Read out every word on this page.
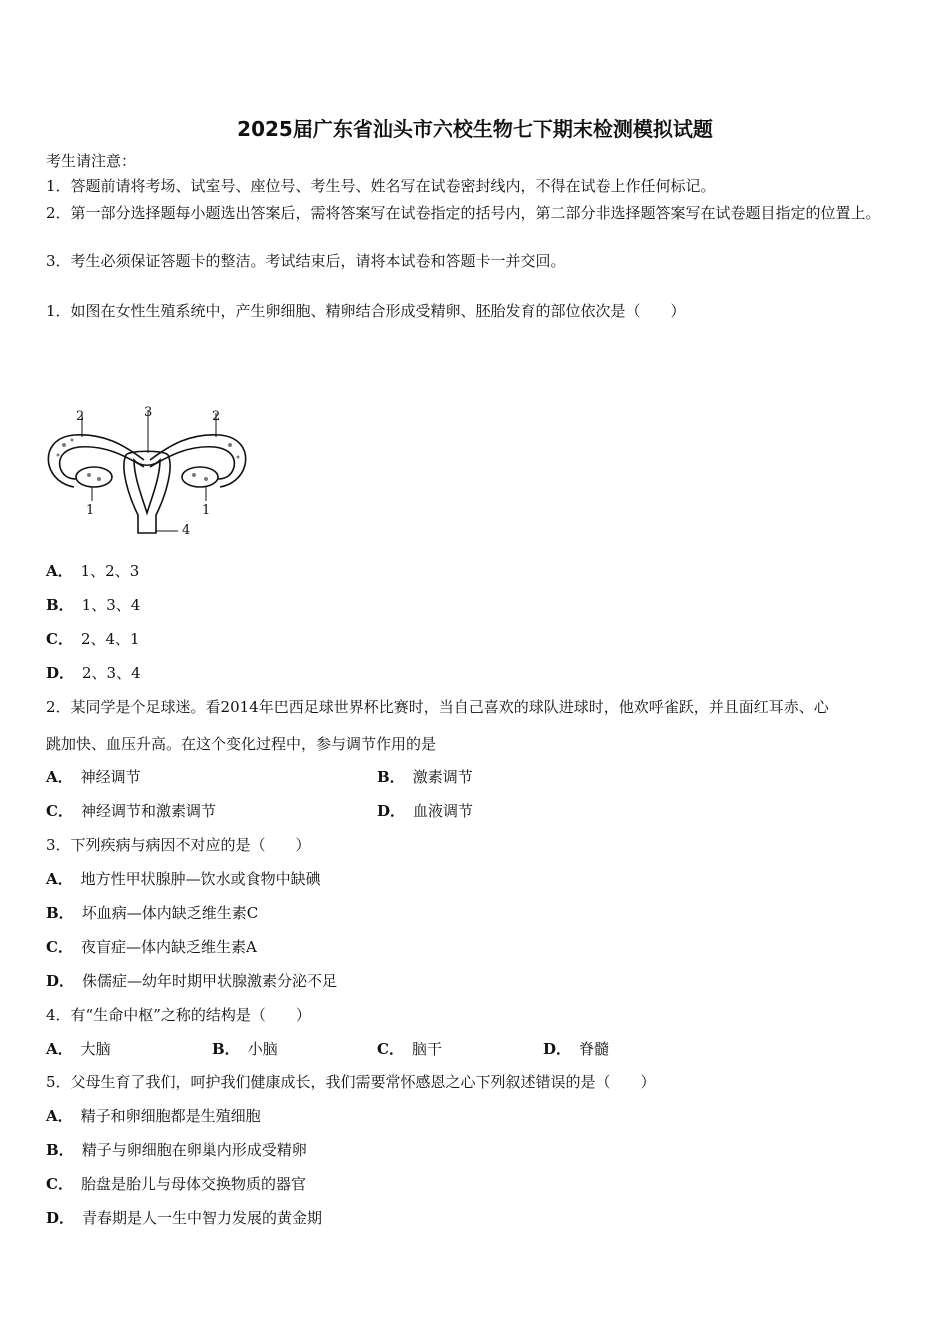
2025届广东省汕头市六校生物七下期末检测模拟试题
考生请注意：
1．答题前请将考场、试室号、座位号、考生号、姓名写在试卷密封线内，不得在试卷上作任何标记。
2．第一部分选择题每小题选出答案后，需将答案写在试卷指定的括号内，第二部分非选择题答案写在试卷题目指定的位置上。
3．考生必须保证答题卡的整洁。考试结束后，请将本试卷和答题卡一并交回。
1．如图在女性生殖系统中，产生卵细胞、精卵结合形成受精卵、胚胎发育的部位依次是（　　）
2	3	2
1	1
4
A． 1、2、3
B． 1、3、4
C． 2、4、1
D． 2、3、4
2．某同学是个足球迷。看2014年巴西足球世界杯比赛时，当自己喜欢的球队进球时，他欢呼雀跃，并且面红耳赤、心
跳加快、血压升高。在这个变化过程中，参与调节作用的是
A． 神经调节	B． 激素调节
C． 神经调节和激素调节	D． 血液调节
3．下列疾病与病因不对应的是（　　）
A． 地方性甲状腺肿—饮水或食物中缺碘
B． 坏血病—体内缺乏维生素C
C． 夜盲症—体内缺乏维生素A
D． 侏儒症—幼年时期甲状腺激素分泌不足
4．有“生命中枢”之称的结构是（　　）
A． 大脑	B． 小脑	C． 脑干	D． 脊髓
5．父母生育了我们，呵护我们健康成长，我们需要常怀感恩之心下列叙述错误的是（　　）
A． 精子和卵细胞都是生殖细胞
B． 精子与卵细胞在卵巢内形成受精卵
C． 胎盘是胎儿与母体交换物质的器官
D． 青春期是人一生中智力发展的黄金期
